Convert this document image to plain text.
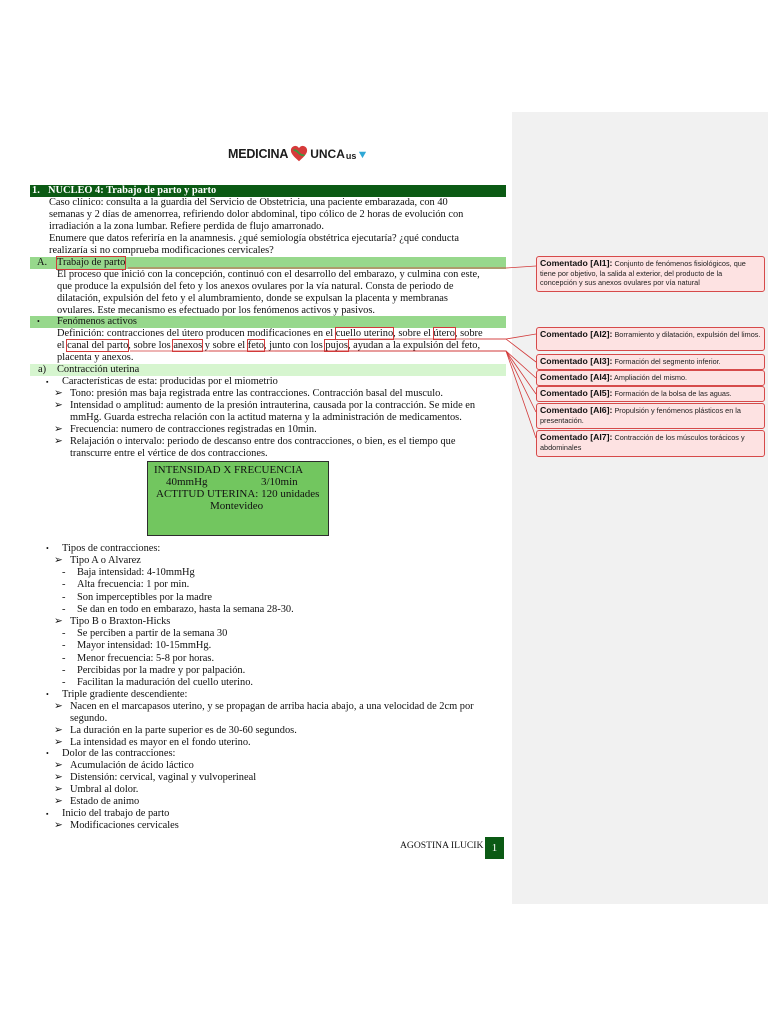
MEDICINA UNCA us
1. NUCLEO 4: Trabajo de parto y parto
Caso clínico: consulta a la guardia del Servicio de Obstetricia, una paciente embarazada, con 40
semanas y 2 días de amenorrea, refiriendo dolor abdominal, tipo cólico de 2 horas de evolución con
irradiación a la zona lumbar. Refiere perdida de flujo amarronado.
Enumere que datos referiría en la anamnesis. ¿qué semiología obstétrica ejecutaría? ¿qué conducta
realizaría si no comprueba modificaciones cervicales?
A. Trabajo de parto
El proceso que inició con la concepción, continuó con el desarrollo del embarazo, y culmina con este,
que produce la expulsión del feto y los anexos ovulares por la vía natural. Consta de periodo de
dilatación, expulsión del feto y el alumbramiento, donde se expulsan la placenta y membranas
ovulares. Este mecanismo es efectuado por los fenómenos activos y pasivos.
• Fenómenos activos
Definición: contracciones del útero producen modificaciones en el cuello uterino, sobre el útero, sobre
el canal del parto, sobre los anexos y sobre el feto, junto con los pujos, ayudan a la expulsión del feto,
placenta y anexos.
a) Contracción uterina
▪ Características de esta: producidas por el miometrio
➢ Tono: presión mas baja registrada entre las contracciones. Contracción basal del musculo.
➢ Intensidad o amplitud: aumento de la presión intrauterina, causada por la contracción. Se mide en
mmHg. Guarda estrecha relación con la actitud materna y la administración de medicamentos.
➢ Frecuencia: numero de contracciones registradas en 10min.
➢ Relajación o intervalo: periodo de descanso entre dos contracciones, o bien, es el tiempo que
transcurre entre el vértice de dos contracciones.
INTENSIDAD X FRECUENCIA
40mmHg	3/10min
ACTITUD UTERINA: 120 unidades
Montevideo
• Tipos de contracciones:
➢ Tipo A o Alvarez
- Baja intensidad: 4-10mmHg
- Alta frecuencia: 1 por min.
- Son imperceptibles por la madre
- Se dan en todo en embarazo, hasta la semana 28-30.
➢ Tipo B o Braxton-Hicks
- Se perciben a partir de la semana 30
- Mayor intensidad: 10-15mmHg.
- Menor frecuencia: 5-8 por horas.
- Percibidas por la madre y por palpación.
- Facilitan la maduración del cuello uterino.
• Triple gradiente descendiente:
➢ Nacen en el marcapasos uterino, y se propagan de arriba hacia abajo, a una velocidad de 2cm por
segundo.
➢ La duración en la parte superior es de 30-60 segundos.
➢ La intensidad es mayor en el fondo uterino.
• Dolor de las contracciones:
➢ Acumulación de ácido láctico
➢ Distensión: cervical, vaginal y vulvoperineal
➢ Umbral al dolor.
➢ Estado de animo
▪ Inicio del trabajo de parto
➢ Modificaciones cervicales
AGOSTINA ILUCIK 1
Comentado [AI1]: Conjunto de fenómenos fisiológicos, que tiene por objetivo, la salida al exterior, del producto de la concepción y sus anexos ovulares por vía natural
Comentado [AI2]: Borramiento y dilatación, expulsión del limos.
Comentado [AI3]: Formación del segmento inferior.
Comentado [AI4]: Ampliación del mismo.
Comentado [AI5]: Formación de la bolsa de las aguas.
Comentado [AI6]: Propulsión y fenómenos plásticos en la presentación.
Comentado [AI7]: Contracción de los músculos torácicos y abdominales
